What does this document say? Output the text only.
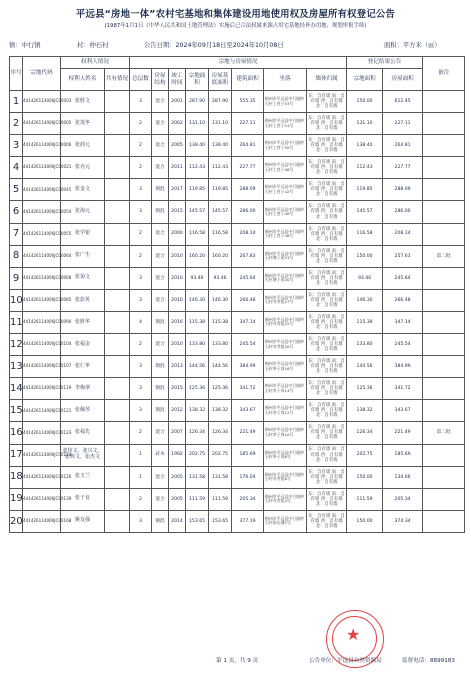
平远县“房地一体”农村宅基地和集体建设用地使用权及房屋所有权登记公告
(1987年1月1日《中华人民共和国土地管理法》实施后已合法权属来源占用宅基地经补办用地、规划审批手续)
镇：中行镇	村：仲石村	公告日期：2024年09月18日至2024年10月08日	面积：平方米（㎡）
序号	宗地代码	权利人情况		宗地与房屋情况								登记结果公告		备注
		权利人姓名	共有情况	总层数	房屋结构	竣工时间	宗地面积	房屋基底面积	建筑面积	坐落	墙体归属	宗地面积	房屋面积	
1	441426114006JC00003	张胜文		3	混合	2001	287.90	287.90	555.35	梅州市平远县中行镇仲石村上营子53号	东：自有墙 南：自有墙 西：自有墙 北：自有墙	150.00	612.45	
2	441426114006JC00005	张茂华		2	混合	2002	131.10	131.10	227.11	梅州市平远县中行镇仲石村上营子51号	东：自有墙 南：自有墙 西：自有墙 北：自有墙	131.10	227.11	
3	441426114006JC00006	张润元		2	混合	2005	138.40	138.40	264.81	梅州市平远县中行镇仲石村上营子50号	东：自有墙 南：自有墙 西：自有墙 北：自有墙	138.40	264.81	
4	441426114006JC00021	张亮元		2	混合	2011	112.43	112.43	227.77	梅州市平远县中行镇仲石村上营子48号	东：自有墙 南：自有墙 西：自有墙 北：自有墙	112.43	227.77	
5	441426114006JC00045	张金文		3	钢混	2017	119.85	119.85	288.09	梅州市平远县中行镇仲石村上营子42号	东：自有墙 南：自有墙 西：自有墙 北：自有墙	119.85	288.09	
6	441426114006JC00054	张海元		3	钢混	2015	145.57	145.57	286.00	梅州市平远县中行镇仲石村上营子40号	东：自有墙 南：自有墙 西：自有墙 北：自有墙	145.57	286.00	
7	441426114006JC00055	张学银		2	混合	2000	116.58	116.58	208.14	梅州市平远县中行镇仲石村上营子36号	东：自有墙 南：自有墙 西：自有墙 北：自有墙	116.58	208.14	
8	441426114006JC00064	张广生		2	混合	2010	160.20	160.20	267.83	梅州市平远县中行镇仲石村塘子尾31号	东：自有墙 南：自有墙 西：自有墙 北：自有墙	150.00	257.63	第二批
9	441426114006JC00068	张菊文		3	混合	2010	93.46	93.46	245.64	梅州市平远县中行镇仲石村塘子尾30号	东：自有墙 南：自有墙 西：自有墙 北：自有墙	93.46	245.64	
10	441426114006JC00085	张彭英		3	混合	2010	146.30	146.30	266.48	梅州市平远县中行镇仲石村对背组27号	东：自有墙 南：自有墙 西：自有墙 北：自有墙	146.30	266.48	
11	441426114006JC00090	张胜华		4	钢混	2016	115.38	115.38	347.14	梅州市平远县中行镇仲石村对背组22号	东：自有墙 南：自有墙 西：自有墙 北：自有墙	115.38	347.14	
12	441426114006JC00104	张福金		2	混合	2010	133.80	133.80	245.54	梅州市平远县中行镇仲石村对背组20号	东：自有墙 南：自有墙 西：自有墙 北：自有墙	133.80	245.54	
13	441426114006JC00107	张仁华		3	钢混	2013	144.56	144.56	384.99	梅州市平远县中行镇仲石村茶子岗16号	东：自有墙 南：自有墙 西：自有墙 北：自有墙	144.56	384.99	
14	441426114006JC00119	李梅翠		3	钢混	2015	125.36	125.36	341.72	梅州市平远县中行镇仲石村茶子岗14号	东：自有墙 南：自有墙 西：自有墙 北：自有墙	125.36	341.72	
15	441426114006JC00121	张佩琴		3	钢混	2012	138.32	138.32	343.67	梅州市平远县中行镇仲石村茶子岗12号	东：自有墙 南：自有墙 西：自有墙 北：自有墙	138.32	343.67	
16	441426114006JC00123	张福先		2	混合	2007	126.34	126.34	221.49	梅州市平远县中行镇仲石村茶子岗10号	东：自有墙 南：自有墙 西：自有墙 北：自有墙	126.34	221.49	第二批
17	441426114006JC00124	张伟文，张兴文，张辉文，张杰文		1	砖木	1992	202.75	202.75	185.69	梅州市平远县中行镇仲石村茶子岗8号	东：自有墙 南：自有墙 西：自有墙 北：自有墙	202.75	185.69	
18	441426114006JC00126	张玉兰		1	混合	2005	131.58	131.58	176.04	梅州市平远县中行镇仲石村对背组6号	东：自有墙 南：自有墙 西：自有墙 北：自有墙	150.00	134.66	
19	441426114006JC00139	张子良		2	混合	2005	111.59	111.59	205.34	梅州市平远县中行镇仲石村对背组4号	东：自有墙 南：自有墙 西：自有墙 北：自有墙	111.59	205.34	
20	441426114006JC00168	姚友强		3	钢混	2014	153.65	153.65	377.19	梅州市平远县中行镇仲石村南山塘2号	东：自有墙 南：自有墙 西：自有墙 北：自有墙	150.00	374.34	
★
第 1 页，共 9 页	公告单位：平远县自然资源局	监督电话：8899183
